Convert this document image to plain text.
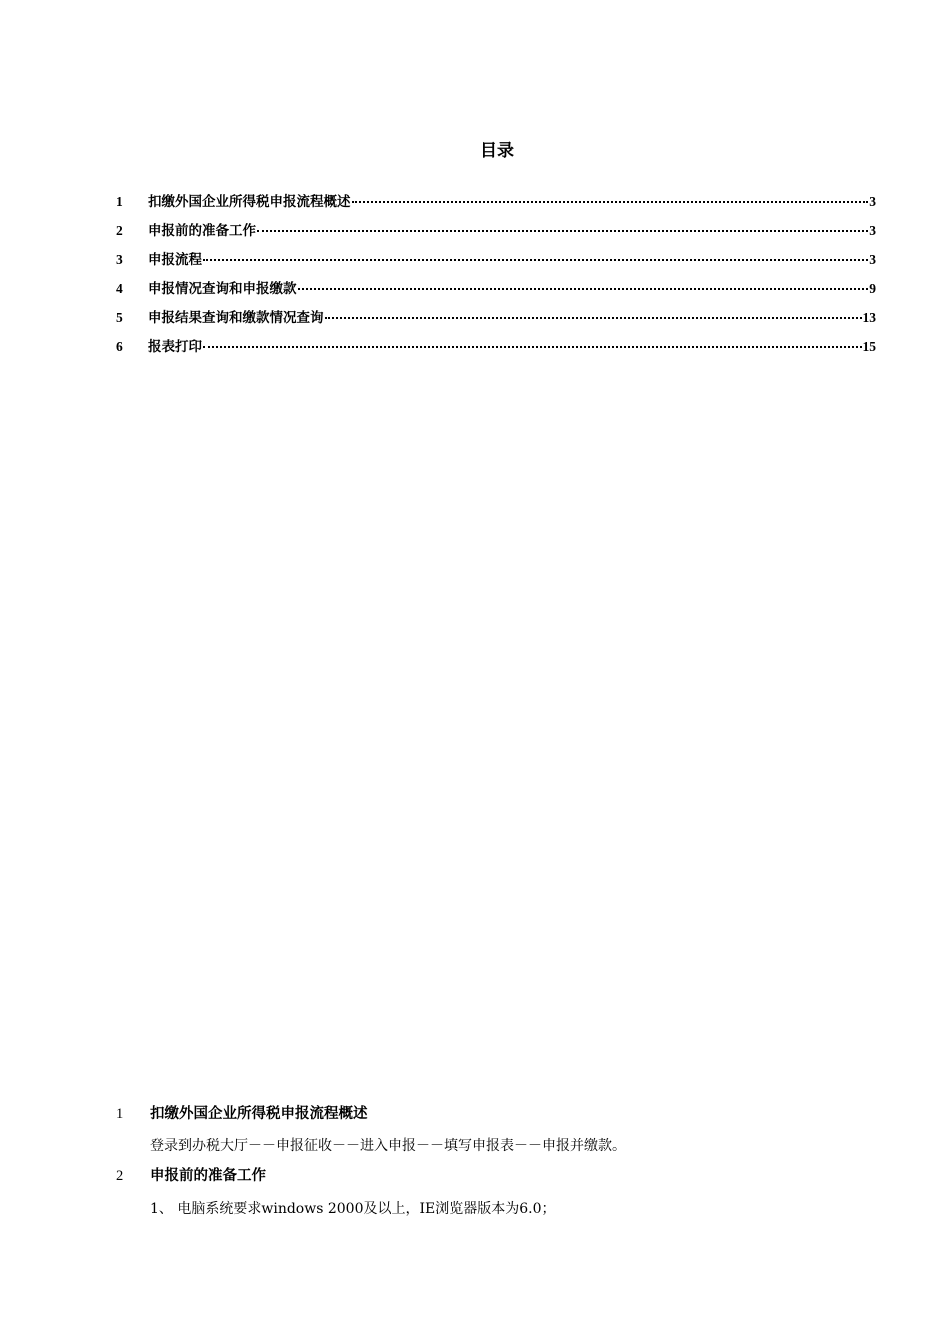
目录
1	扣缴外国企业所得税申报流程概述	3
2	申报前的准备工作	3
3	申报流程	3
4	申报情况查询和申报缴款	9
5	申报结果查询和缴款情况查询	13
6	报表打印	15
1	扣缴外国企业所得税申报流程概述

登录到办税大厅－－申报征收－－进入申报－－填写申报表－－申报并缴款。

2	申报前的准备工作

1、 电脑系统要求windows 2000及以上，IE浏览器版本为6.0；
